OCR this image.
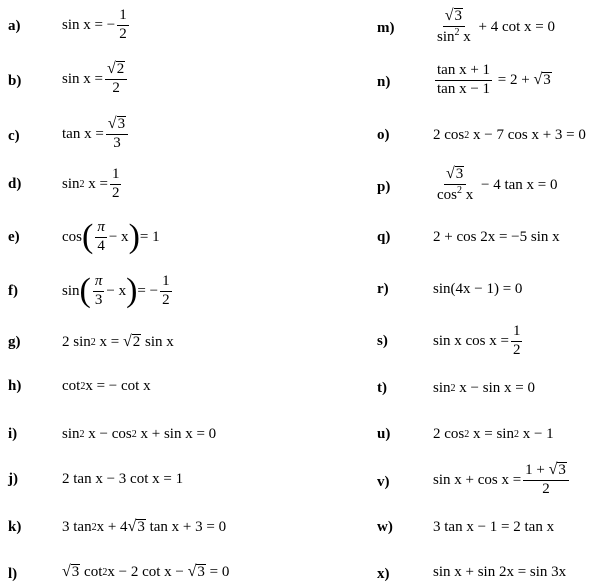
a)	sin x = − $\frac{1}{2}$
b)	$\sin x = \frac{√ 2}{2}$
c)	$\tan x = \frac{√ 3}{3}$
d)	sin 2
$x = \frac{1}{2}$
e)	cos ( $\frac{\pi}{4} - x$ ) = 1
f)	sin ( $\frac{\pi}{3} - x$ ) = − $\frac{1}{2}$
g)	2 sin 2
x =
√ 2
sin x
h)	cot 2 x = − cot x
i)	sin 2
x − cos 2
x + sin x = 0
j)	2 tan x − 3 cot x = 1
k)	3 tan 2 x + 4 √ 3
tan x + 3 = 0
l)	√ 3
cot 2 x − 2 cot x −
√ 3
= 0
m)	$\frac{√ 3}{\sin^2 x}$
+ 4 cot x = 0
n)	$\frac{\text{tan x + 1}}{\text{tan x − 1}}$
= 2 +
√ 3
o)	2 cos 2
x − 7 cos x + 3 = 0
p)	$\frac{√ 3}{\cos^2 x}$
− 4 tan x = 0
q)	2 + cos 2x = −5 sin x
r)	sin(4x − 1) = 0
s)	sin x $\cos x = \frac{1}{2}$
t)	sin 2
x − sin x = 0
u)	2 cos 2
x = sin 2
x − 1
v)	$\sin x + \cos x = \frac{1 + √ 3}{2}$
w)	3 tan x − 1 = 2 tan x
x)	sin x + sin 2x = sin 3x
